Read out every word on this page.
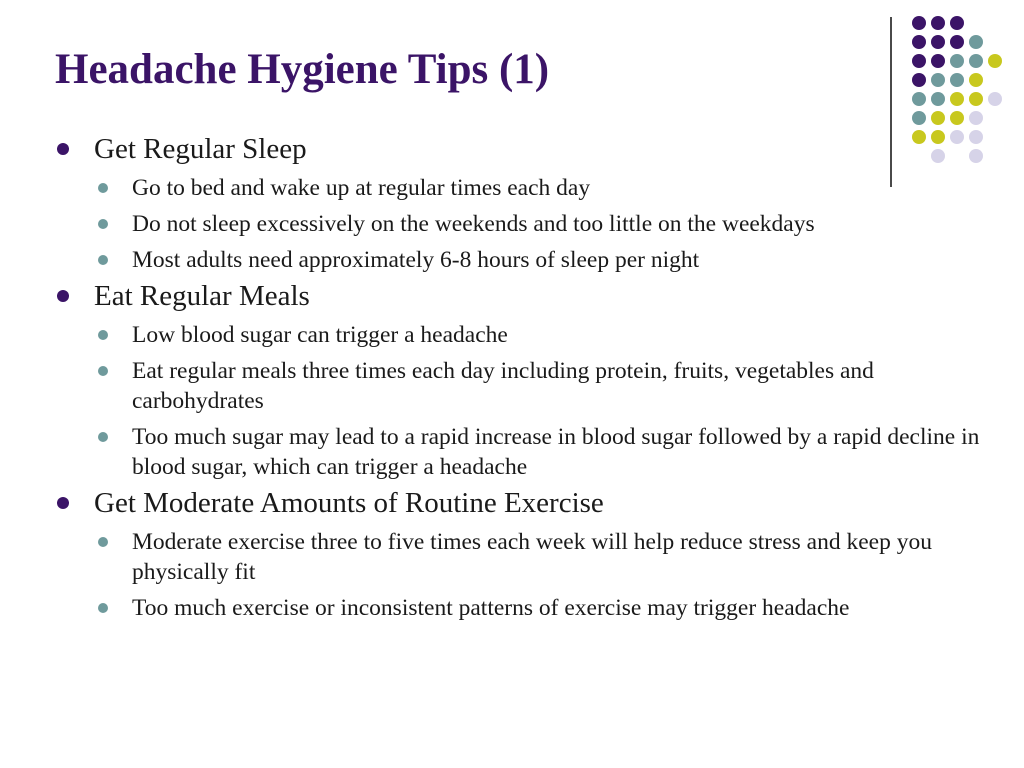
Headache Hygiene Tips (1)
Get Regular Sleep
Go to bed and wake up at regular times each day
Do not sleep excessively on the weekends and too little on the weekdays
Most adults need approximately 6-8 hours of sleep per night
Eat Regular Meals
Low blood sugar can trigger a headache
Eat regular meals three times each day including protein, fruits, vegetables and carbohydrates
Too much sugar may lead to a rapid increase in blood sugar followed by a rapid decline in blood sugar, which can trigger a headache
Get Moderate Amounts of Routine Exercise
Moderate exercise three to five times each week will help reduce stress and keep you physically fit
Too much exercise or inconsistent patterns of exercise may trigger headache
